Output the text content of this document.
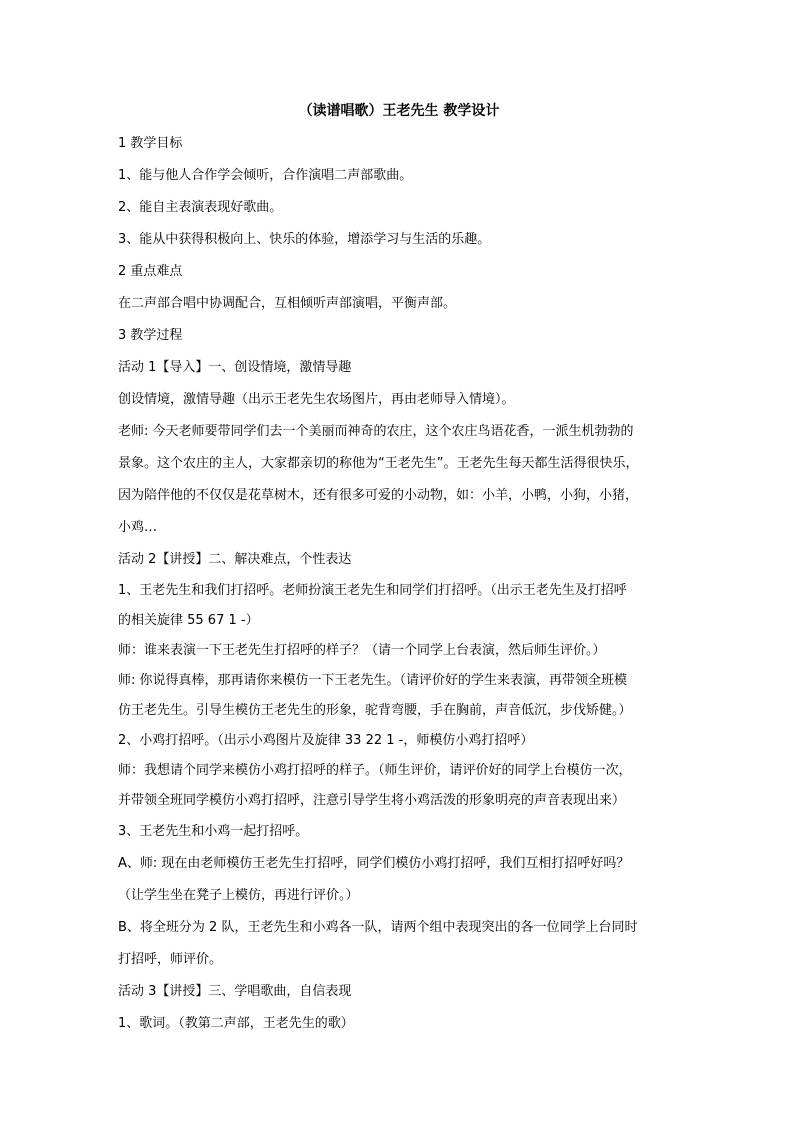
（读谱唱歌）王老先生 教学设计

1 教学目标

1、能与他人合作学会倾听，合作演唱二声部歌曲。

2、能自主表演表现好歌曲。

3、能从中获得积极向上、快乐的体验，增添学习与生活的乐趣。

2 重点难点

在二声部合唱中协调配合，互相倾听声部演唱，平衡声部。

3 教学过程

活动 1【导入】一、创设情境，激情导趣

创设情境，激情导趣（出示王老先生农场图片，再由老师导入情境）。

老师: 今天老师要带同学们去一个美丽而神奇的农庄，这个农庄鸟语花香，一派生机勃勃的

景象。这个农庄的主人，大家都亲切的称他为“王老先生”。王老先生每天都生活得很快乐，

因为陪伴他的不仅仅是花草树木，还有很多可爱的小动物，如：小羊，小鸭，小狗，小猪，

小鸡…

活动 2【讲授】二、解决难点，个性表达

1、王老先生和我们打招呼。老师扮演王老先生和同学们打招呼。（出示王老先生及打招呼

的相关旋律 55 67 1 -）

师：谁来表演一下王老先生打招呼的样子？（请一个同学上台表演，然后师生评价。）

师: 你说得真棒，那再请你来模仿一下王老先生。（请评价好的学生来表演，再带领全班模

仿王老先生。引导生模仿王老先生的形象，驼背弯腰，手在胸前，声音低沉，步伐矫健。）

2、小鸡打招呼。（出示小鸡图片及旋律 33 22 1 -，师模仿小鸡打招呼）

师：我想请个同学来模仿小鸡打招呼的样子。（师生评价，请评价好的同学上台模仿一次，

并带领全班同学模仿小鸡打招呼，注意引导学生将小鸡活泼的形象明亮的声音表现出来）

3、王老先生和小鸡一起打招呼。

A、师: 现在由老师模仿王老先生打招呼，同学们模仿小鸡打招呼，我们互相打招呼好吗？

（让学生坐在凳子上模仿，再进行评价。）

B、将全班分为 2 队，王老先生和小鸡各一队，请两个组中表现突出的各一位同学上台同时

打招呼，师评价。

活动 3【讲授】三、学唱歌曲，自信表现

1、歌词。（教第二声部，王老先生的歌）
